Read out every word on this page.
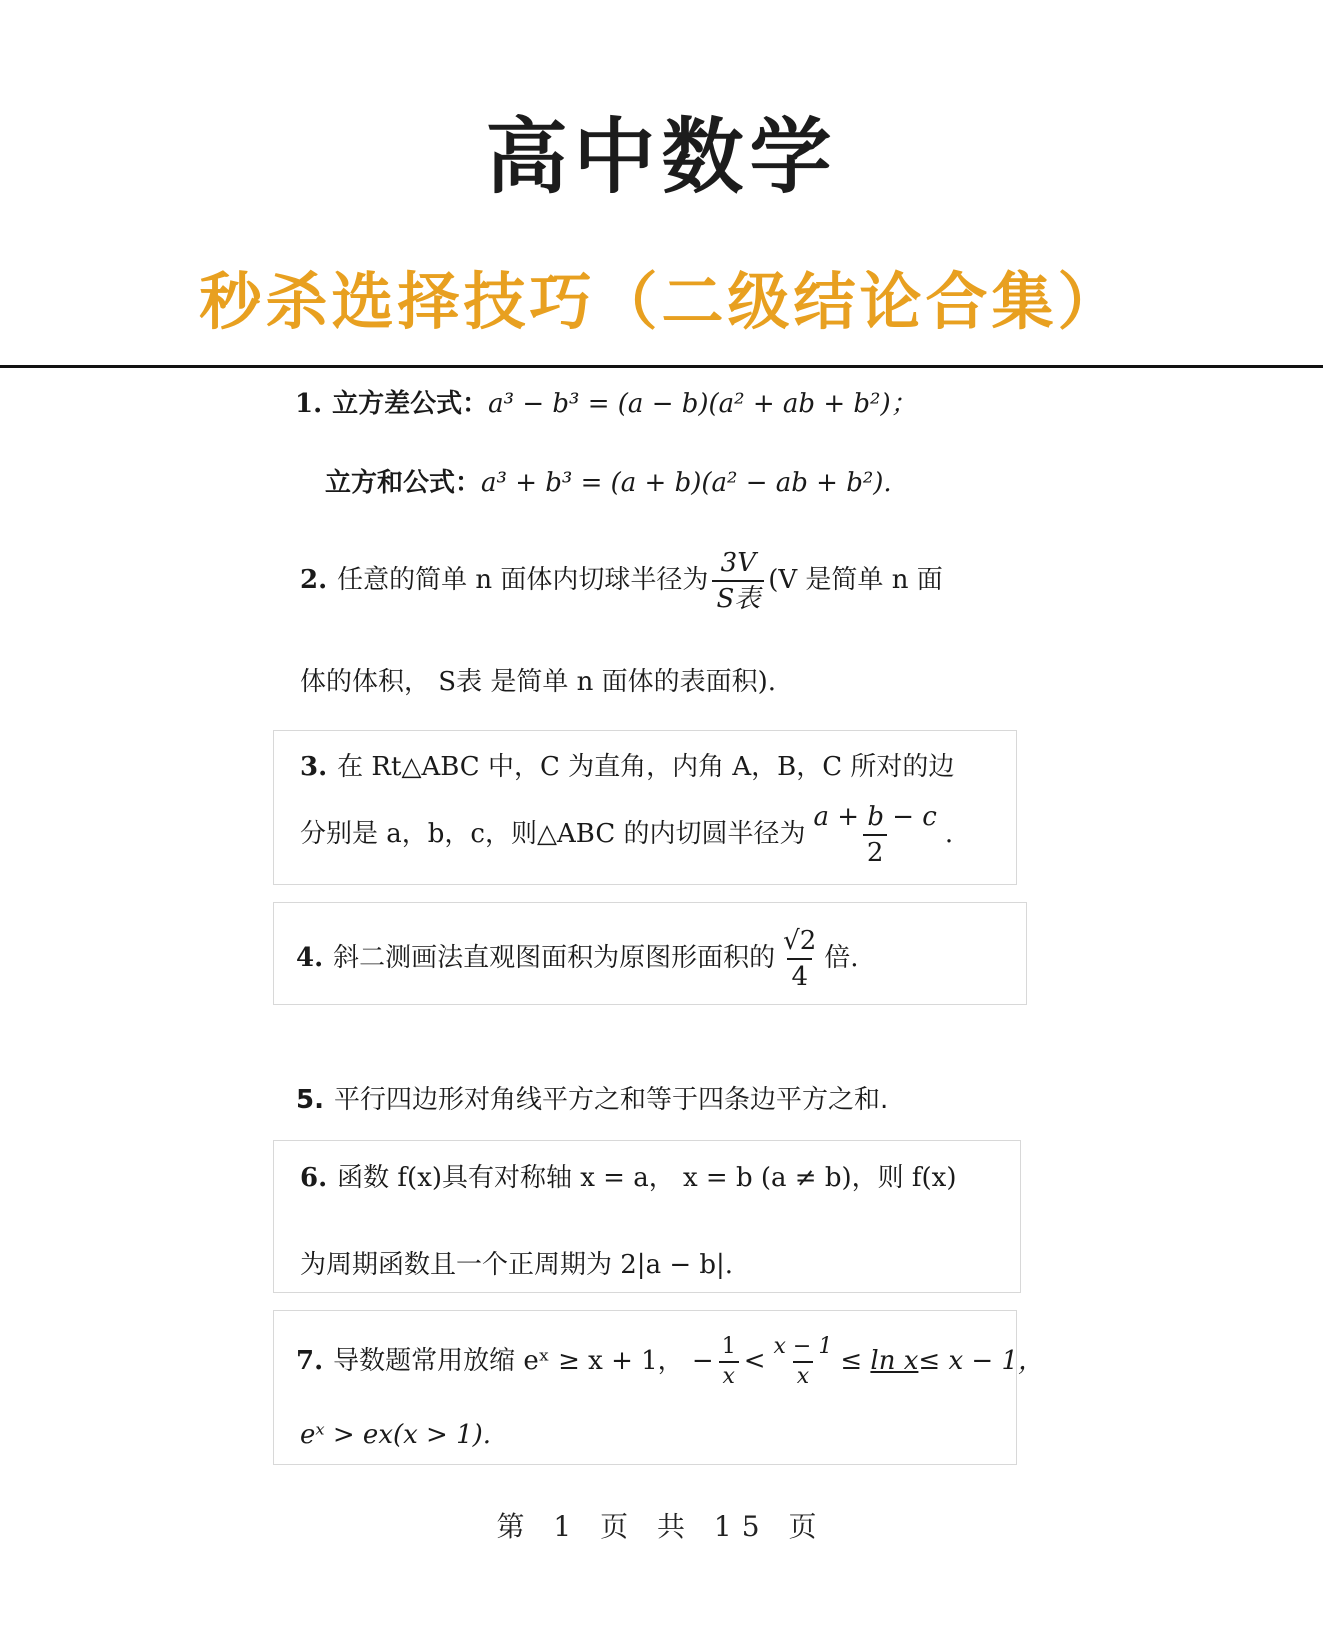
高中数学
秒杀选择技巧（二级结论合集）
1. 立方差公式：a³ − b³ = (a − b)(a² + ab + b²)；
立方和公式：a³ + b³ = (a + b)(a² − ab + b²).
2. 任意的简单 n 面体内切球半径为 $\frac{3V}{\text{S表}} (V$ 是简单 n 面
体的体积， S表 是简单 n 面体的表面积).
3. 在 Rt△ABC 中，C 为直角，内角 A，B，C 所对的边
分别是 a，b，c，则△ABC 的内切圆半径为 $\frac{a + b - c}{2}$ .
4. 斜二测画法直观图面积为原图形面积的 $\frac{√2}{4}$ 倍.
5. 平行四边形对角线平方之和等于四条边平方之和.
6. 函数 f(x)具有对称轴 x = a， x = b (a ≠ b)，则 f(x)
为周期函数且一个正周期为 2|a − b|.
7. 导数题常用放缩 eˣ ≥ x + 1， − $\frac{1}{x} < \frac{x - 1}{x} \le \ln x\le x - 1$，
eˣ > ex(x > 1).
第 1 页 共 15 页
